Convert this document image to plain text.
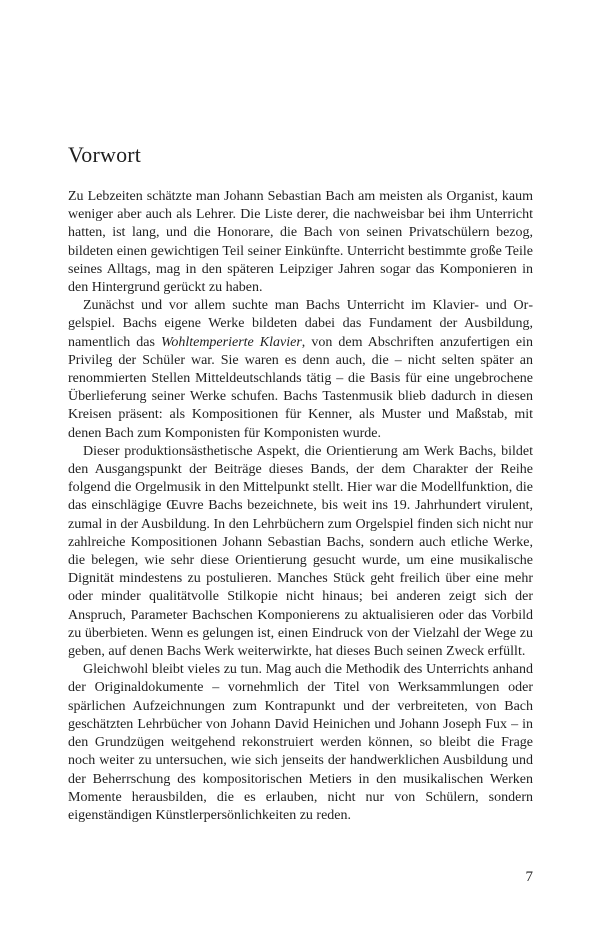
Vorwort

Zu Lebzeiten schätzte man Johann Sebastian Bach am meisten als Organist, kaum weniger aber auch als Lehrer. Die Liste derer, die nachweisbar bei ihm Unterricht hatten, ist lang, und die Honorare, die Bach von seinen Privatschülern bezog, bildeten einen gewichtigen Teil seiner Einkünfte. Unterricht bestimmte große Teile seines Alltags, mag in den späteren Leipziger Jahren sogar das Komponieren in den Hintergrund gerückt zu haben.

Zunächst und vor allem suchte man Bachs Unterricht im Klavier- und Orgelspiel. Bachs eigene Werke bildeten dabei das Fundament der Ausbildung, namentlich das Wohltemperierte Klavier, von dem Abschriften anzufertigen ein Privileg der Schüler war. Sie waren es denn auch, die – nicht selten später an renommierten Stellen Mitteldeutschlands tätig – die Basis für eine ungebrochene Überlieferung seiner Werke schufen. Bachs Tastenmusik blieb dadurch in diesen Kreisen präsent: als Kompositionen für Kenner, als Muster und Maßstab, mit denen Bach zum Komponisten für Komponisten wurde.

Dieser produktionsästhetische Aspekt, die Orientierung am Werk Bachs, bildet den Ausgangspunkt der Beiträge dieses Bands, der dem Charakter der Reihe folgend die Orgelmusik in den Mittelpunkt stellt. Hier war die Modellfunktion, die das einschlägige Œuvre Bachs bezeichnete, bis weit ins 19. Jahrhundert virulent, zumal in der Ausbildung. In den Lehrbüchern zum Orgelspiel finden sich nicht nur zahlreiche Kompositionen Johann Sebastian Bachs, sondern auch etliche Werke, die belegen, wie sehr diese Orientierung gesucht wurde, um eine musikalische Dignität mindestens zu postulieren. Manches Stück geht freilich über eine mehr oder minder qualitätvolle Stilkopie nicht hinaus; bei anderen zeigt sich der Anspruch, Parameter Bachschen Komponierens zu aktualisieren oder das Vorbild zu überbieten. Wenn es gelungen ist, einen Eindruck von der Vielzahl der Wege zu geben, auf denen Bachs Werk weiterwirkte, hat dieses Buch seinen Zweck erfüllt.

Gleichwohl bleibt vieles zu tun. Mag auch die Methodik des Unterrichts anhand der Originaldokumente – vornehmlich der Titel von Werksammlungen oder spärlichen Aufzeichnungen zum Kontrapunkt und der verbreiteten, von Bach geschätzten Lehrbücher von Johann David Heinichen und Johann Joseph Fux – in den Grundzügen weitgehend rekonstruiert werden können, so bleibt die Frage noch weiter zu untersuchen, wie sich jenseits der handwerklichen Ausbildung und der Beherrschung des kompositorischen Metiers in den musikalischen Werken Momente herausbilden, die es erlauben, nicht nur von Schülern, sondern eigenständigen Künstlerpersönlichkeiten zu reden.

7
